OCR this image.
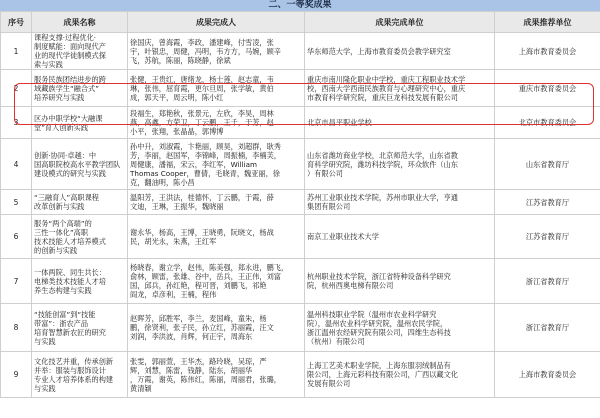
二、一等奖成果
序号	成果名称	成果完成人	成果完成单位	成果推荐单位
1	课程支撑·过程优化·
制度赋能：面向现代产
业的现代学徒制模式探
索与实践	徐国庆，曾海霞，李政，潘建峰，付雪凌，张
宇，叶银忠，周健，冯明，韦方方，马婉，顾辛
飞，苏航，陈丽，陈晓静，徐斌	华东师范大学，上海市教育委员会教学研究室	上海市教育委员会
2	服务民族团结进步的跨
域藏族学生“融合式”
培养研究与实践	张健，王贵红，唐绪龙，杨士莲，赵志童，韦
琳，张伟，屈育霞，更尔旦周，张学敏，黄伯
成，郭天平，周云明，陈小红	重庆市南川隆化职业中学校，重庆工程职业技术学
校，西南大学西南民族教育与心理研究中心，重庆
市教育科学研究院，重庆巨龙科技发展有限公司	重庆市教育委员会
3	区办中职学校“大融课
堂”育人创新实践	段福生，郑艳秋，张景元，左欣，李昊，周林
燕，高鑫，方荣卫，丁云鹏，王千，于芳，赵
小平，张翔，张晶晶，郭博博	北京市昌平职业学校	北京市教育委员会
4	创新·协同·卓越：中
国高职院校高水平教学团队
建设模式的研究与实践	孙中升，刘淑霞，卞艳丽，顾昊，刘超群，耿秀
芳，李丽，赵国军，李锦峰，周振楠，李楠芙，
周健康，潘福，宋云，李红军，William
Thomas Cooper，曹倩，毛晓青，魏亚丽，徐
克，翻油明，陈小昌	山东省潍坊商业学校，北京师范大学，山东省教
育科学研究院，潍坊科技学院，环众软件（山东
）有限公司	山东省教育厅
5	“三融育人”高职课程
改革创新与实践	温阳芳，王洪法，桂德怀，丁云鹏，于霞，薛
文迪，王琳，王振华，魏晓丽	苏州工业职业技术学院，苏州市职业大学，亨通
集团有限公司	江苏省教育厅
6	服务“两个高端”的
三性一体化”高职
技术技能人才培养模式
的创新与实践	谢永华，杨高，王博，王晓勇，阮晓文，杨战
民，胡光永，朱燕，王红军	南京工业职业技术大学	江苏省教育厅
7	一体两院、同生共长：
电梯类技术技能人才培
养生态构建与实践	杨晓春，谢立学，赵伟，陈美强，郑永进，鹏飞，
俞林，顾雷，张雄、谷中，岳兵，王正伟，刘富
国，邱兵，孙红艳，程可晋，刘鹏飞，祁艳
阎龙，卓彦利，王楠，程伟	杭州职业技术学院，浙江省特种设备科学研究
院，杭州西奥电梯有限公司	浙江省教育厅
8	“技能创富”到“技能
带富”：浙农产品
培育智慧新农匠的研究
与实践	赵晖芳，邱胜军，李兰，麦国峰，童朱，杨
鹏，徐贤利，张子民，孙立红，苏丽霞，汪文
刘润，李洪波，肖辉，何正宇，周海东	温州科技职业学院（温州市农业科学研究
院），温州农业科学研究院，温州农民学院，
浙江温州农经研究院有限公司，四维生态科技
（杭州）有限公司	浙江省教育厅
9	文化技艺并重，传承创新
并举：服装与服饰设计
专业人才培养体系的构建
与实践	张雯，郭丽萱，王华杰，路玲晓，吴琼，严
辉，刘慧，陈雷，钱静，陆东，胡丽华
，万霞，谢英，陈伟红，陈丽，周丽君，张璐，
黄清颖	上海工艺美术职业学院，上海东服羽绒制品有
限公司，上海元彩科技有限公司，广西以藏文化
发展有限公司	上海市教育委员会
